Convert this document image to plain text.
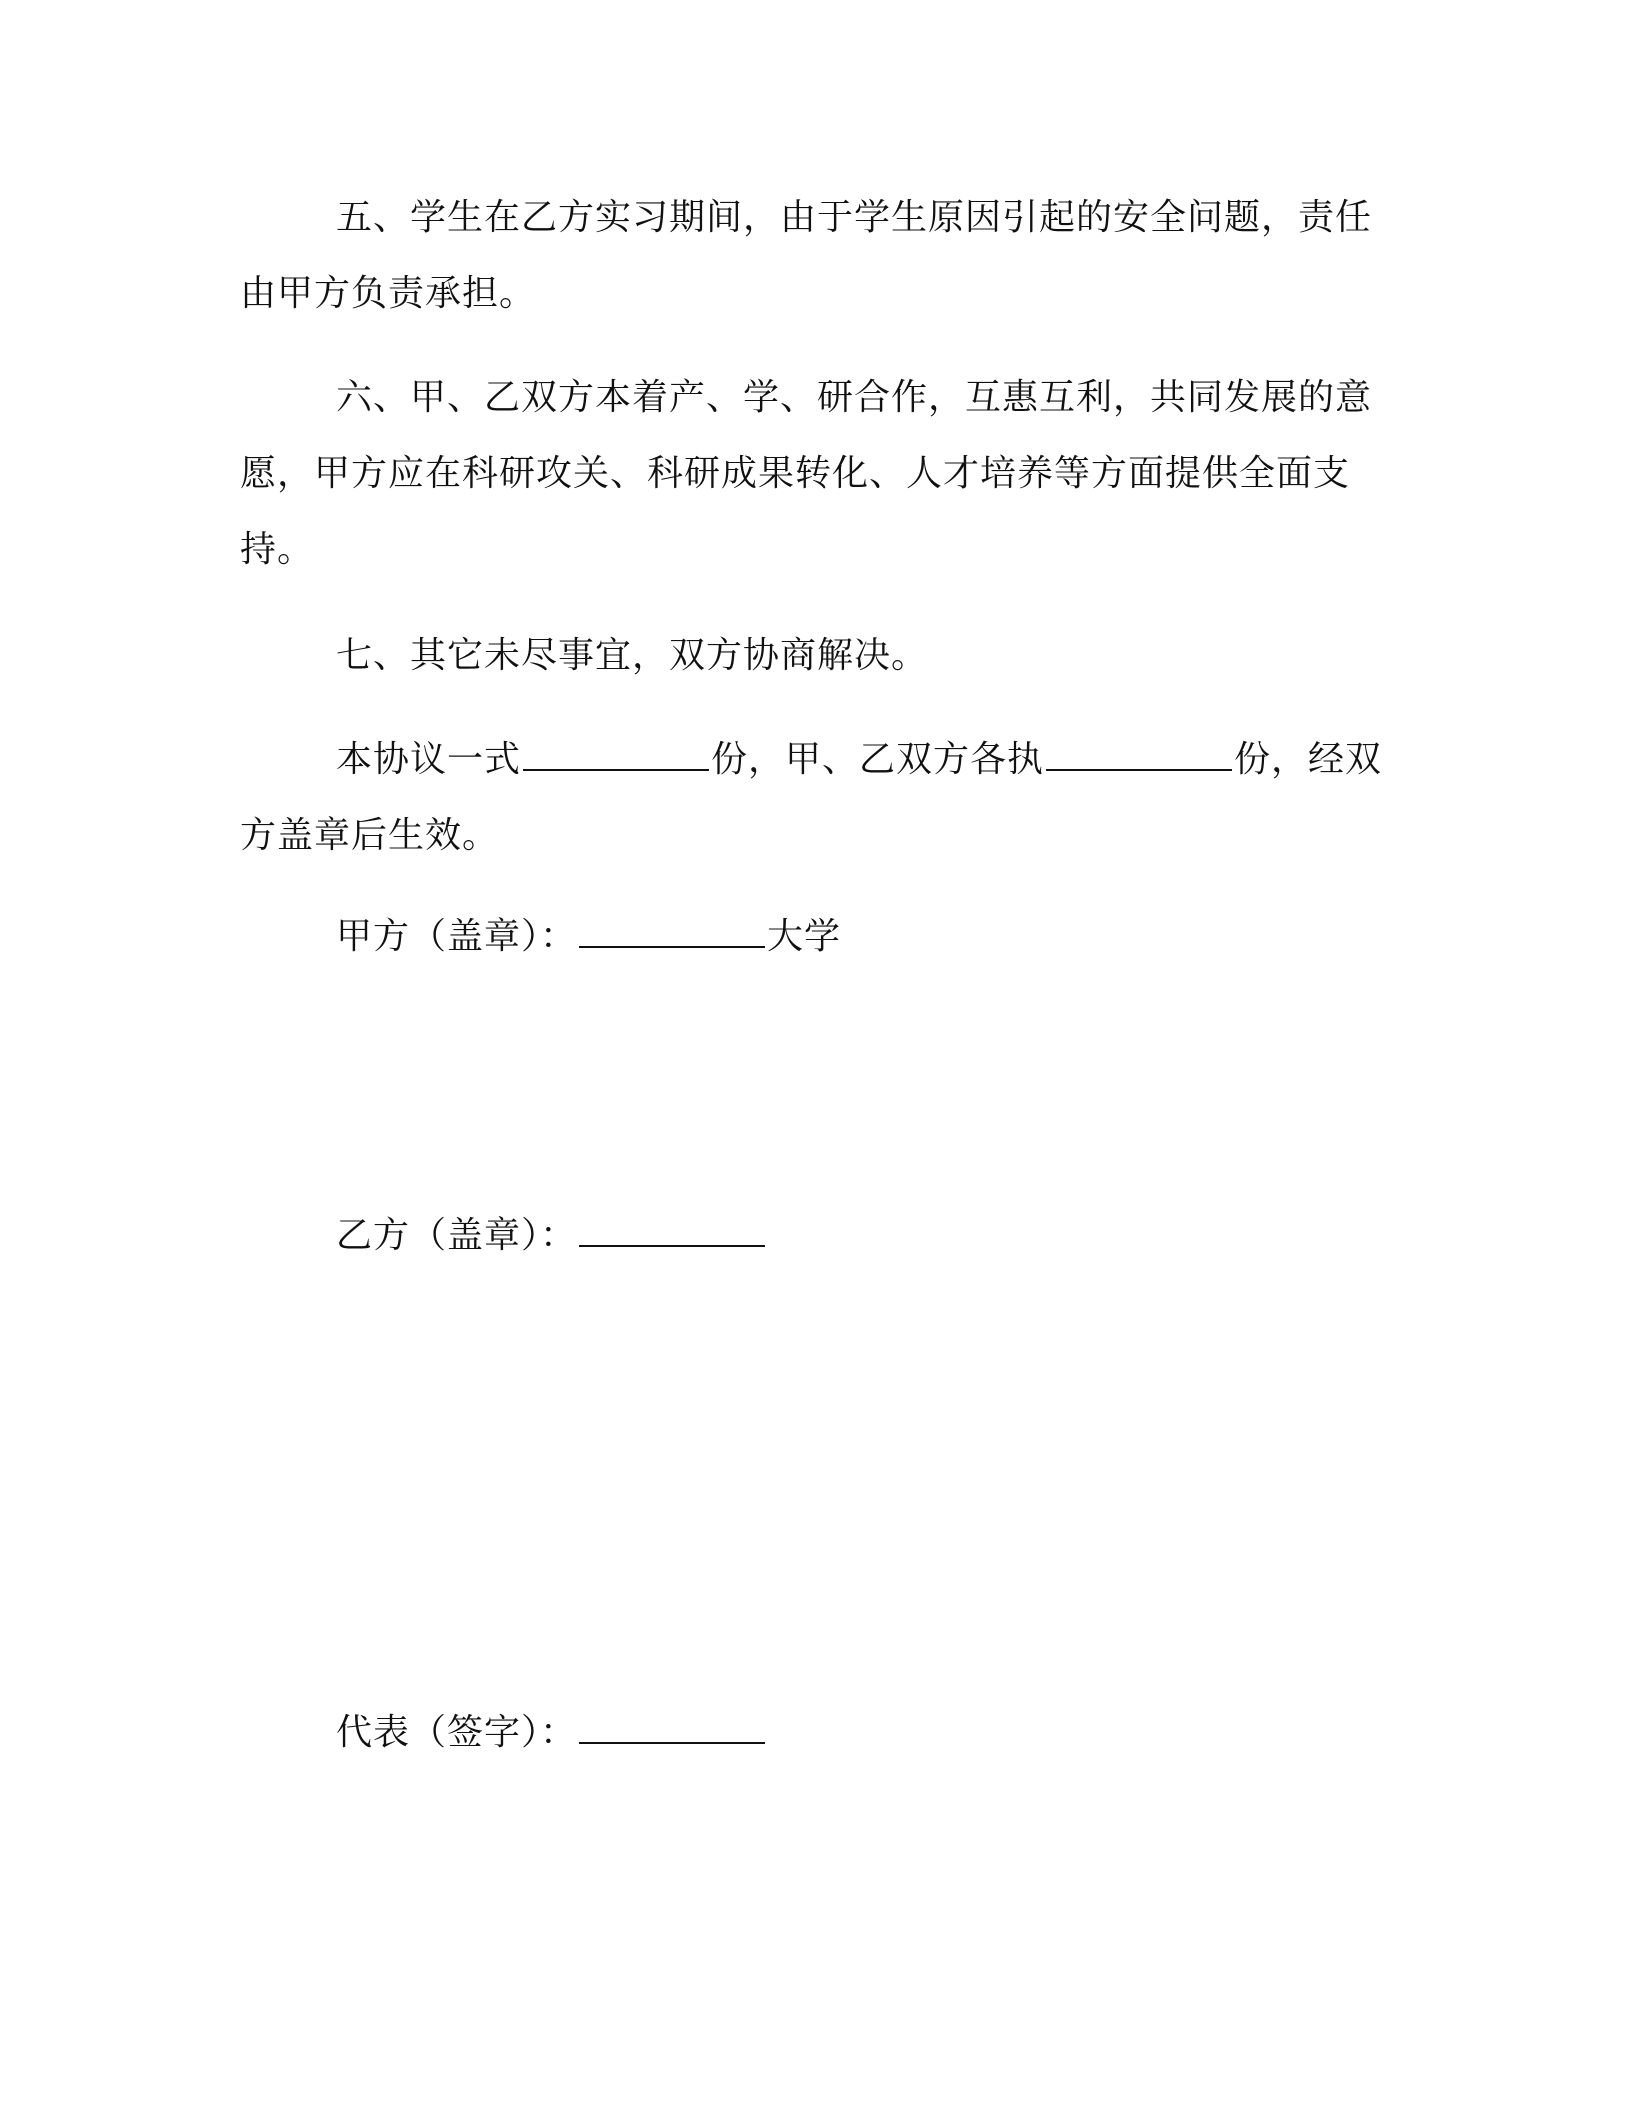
五、学生在乙方实习期间，由于学生原因引起的安全问题，责任
由甲方负责承担。
六、甲、乙双方本着产、学、研合作，互惠互利，共同发展的意
愿，甲方应在科研攻关、科研成果转化、人才培养等方面提供全面支
持。
七、其它未尽事宜，双方协商解决。
本协议一式	份，甲、乙双方各执	份，经双
方盖章后生效。
甲方（盖章）：	大学
乙方（盖章）：
代表（签字）：
